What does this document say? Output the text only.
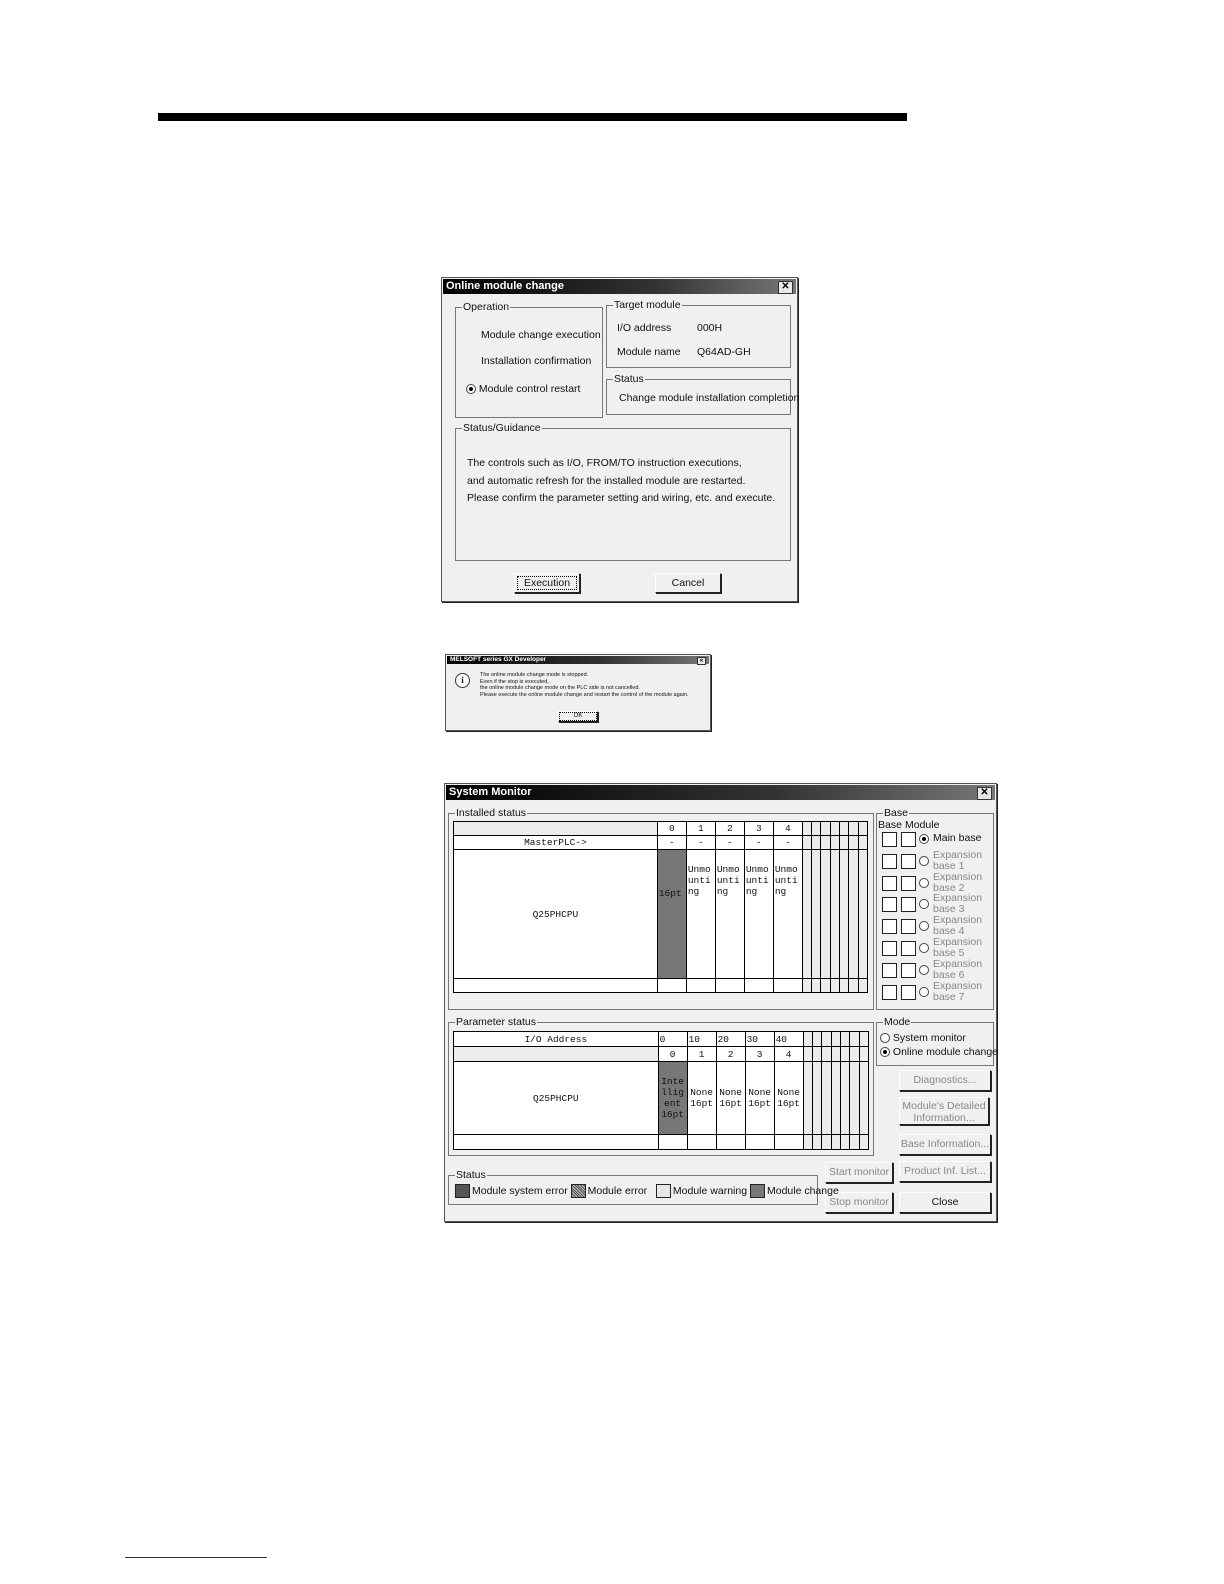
Online module change	✕
Operation
Module change execution
Installation confirmation
Module control restart
Target module
I/O address 000H
Module name Q64AD-GH
Status
Change module installation completion
Status/Guidance
The controls such as I/O, FROM/TO instruction executions,
and automatic refresh for the installed module are restarted.
Please confirm the parameter setting and wiring, etc. and execute.
Execution	Cancel
MELSOFT series GX Developer	✕
i	The online module change mode is stopped.
Even if the stop is executed,
the online module change mode on the PLC side is not cancelled.
Please execute the online module change and restart the control of the module again.
OK
System Monitor	✕
Installed status
	0	1	2	3	4							
MasterPLC->	-	-	-	-	-							
Q25PHCPU	16pt	Unmo unti ng	Unmo unti ng	Unmo unti ng	Unmo unti ng							

Parameter status
I/O Address	0	10	20	30	40							
	0	1	2	3	4							
Q25PHCPU	Inte llig ent 16pt	None 16pt	None 16pt	None 16pt	None 16pt							

Base
Base Module
Main base
Expansion base 1
Expansion base 2
Expansion base 3
Expansion base 4
Expansion base 5
Expansion base 6
Expansion base 7
Mode
System monitor
Online module change
Diagnostics...
Module's Detailed Information...
Base Information...
Product Inf. List...
Close
Start monitor
Stop monitor
Status
Module system error Module error Module warning Module change
